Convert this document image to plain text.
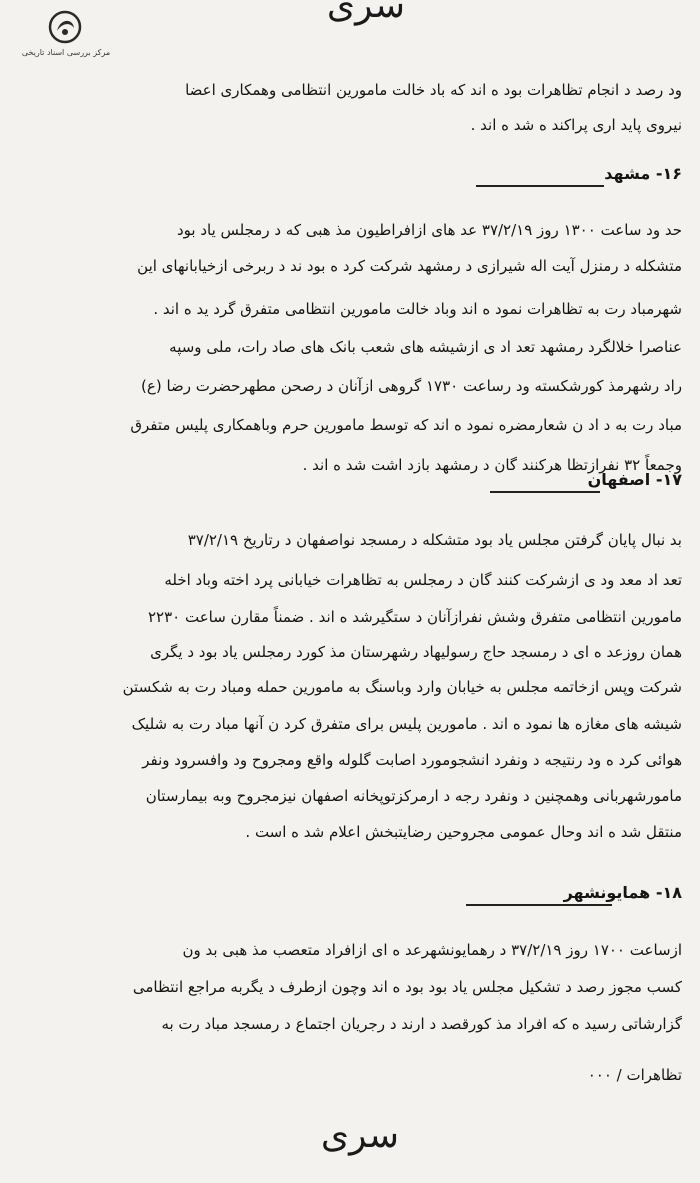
مرکز بررسی اسناد تاریخی
سری
ود رصد د انجام تظاهرات بود ه اند که باد خالت مامورین انتظامی وهمکاری اعضا
نیروی پاید اری پراکند ه شد ه اند .
۱۶- مشهد
حد ود ساعت ۱۳۰۰ روز ۳۷/۲/۱۹ عد های ازافراطیون مذ هبی که د رمجلس یاد بود
متشکله د رمنزل آیت اله شیرازی د رمشهد شرکت کرد ه بود ند د ربرخی ازخیابانهای این
شهرمباد رت به تظاهرات نمود ه اند وباد خالت مامورین انتظامی متفرق گرد ید ه اند .
عناصرا خلالگرد رمشهد تعد اد ی ازشیشه های شعب بانک های صاد رات، ملی وسپه
راد رشهرمذ کورشکسته ود رساعت ۱۷۳۰ گروهی ازآنان د رصحن مطهرحضرت رضا (ع)
مباد رت به د اد ن شعارمضره نمود ه اند که توسط مامورین حرم وباهمکاری پلیس متفرق
وجمعاً ۳۲ نفرازتظا هرکنند گان د رمشهد بازد اشت شد ه اند .
۱۷- اصفهان
بد نبال پایان گرفتن مجلس یاد بود متشکله د رمسجد نواصفهان د رتاریخ ۳۷/۲/۱۹
تعد اد معد ود ی ازشرکت کنند گان د رمجلس به تظاهرات خیابانی پرد اخته وباد اخله
مامورین انتظامی متفرق وشش نفرازآنان د ستگیرشد ه اند . ضمناً مقارن ساعت ۲۲۳۰
همان روزعد ه ای د رمسجد حاج رسولیهاد رشهرستان مذ کورد رمجلس یاد بود د یگری
شرکت وپس ازخاتمه مجلس به خیابان وارد وباسنگ به مامورین حمله ومباد رت به شکستن
شیشه های مغازه ها نمود ه اند . مامورین پلیس برای متفرق کرد ن آنها مباد رت به شلیک
هوائی کرد ه ود رنتیجه د ونفرد انشجومورد اصابت گلوله واقع ومجروح ود وافسرود ونفر
مامورشهربانی وهمچنین د ونفرد رجه د ارمرکزتوپخانه اصفهان نیزمجروح وبه بیمارستان
منتقل شد ه اند وحال عمومی مجروحین رضایتبخش اعلام شد ه است .
۱۸- همایونشهر
ازساعت ۱۷۰۰ روز ۳۷/۲/۱۹ د رهمایونشهرعد ه ای ازافراد متعصب مذ هبی بد ون
کسب مجوز رصد د تشکیل مجلس یاد بود بود ه اند وچون ازطرف د یگربه مراجع انتظامی
گزارشاتی رسید ه که افراد مذ کورقصد د ارند د رجریان اجتماع د رمسجد مباد رت به
تظاهرات / ۰۰۰
سری
